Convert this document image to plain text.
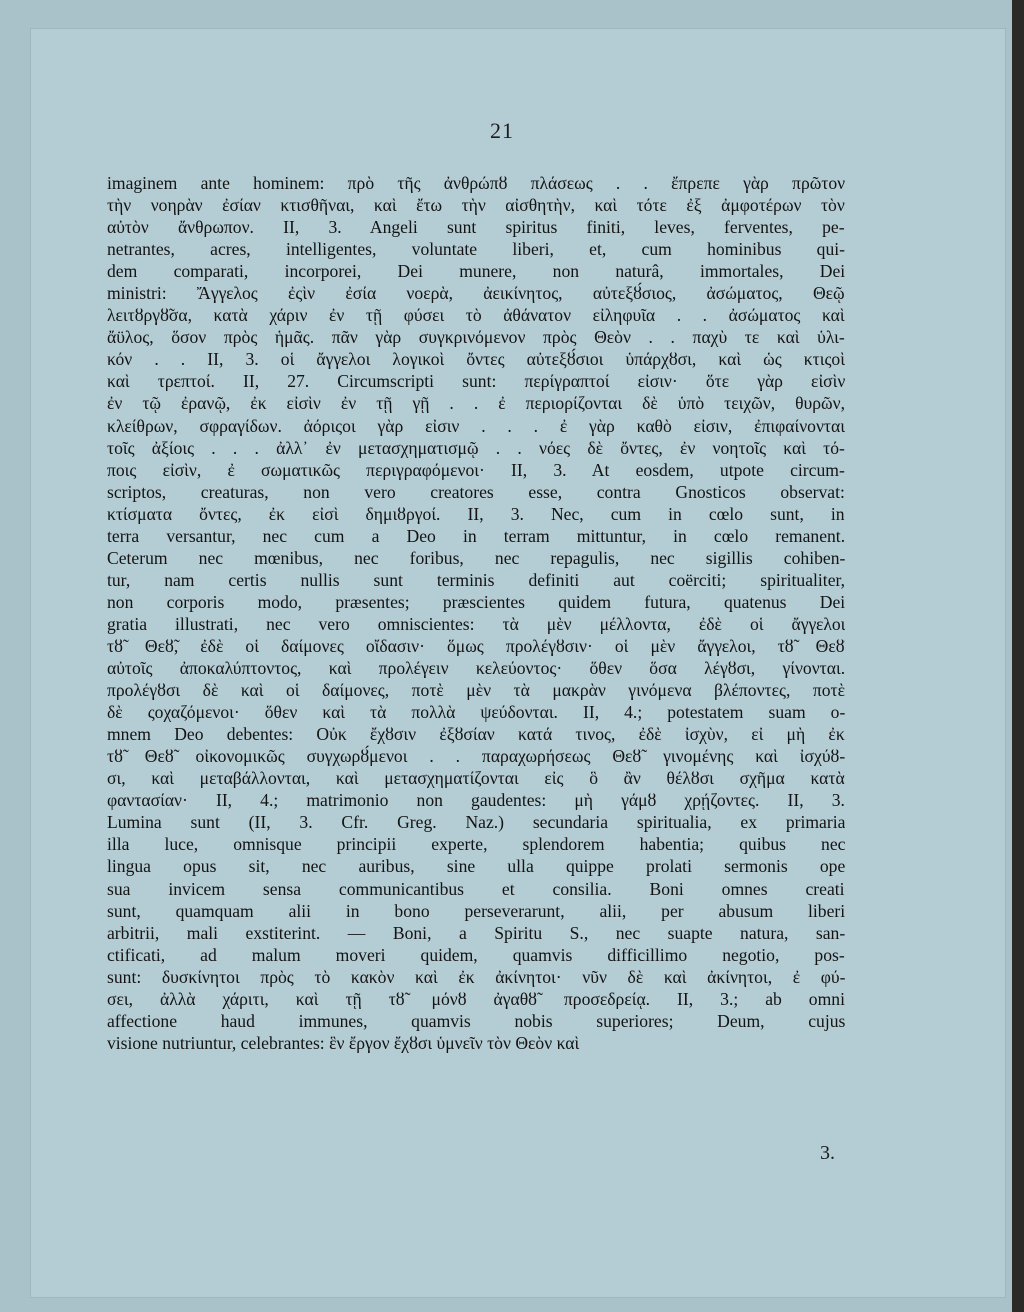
21
imaginem ante hominem: πρὸ τῆς ἀνθρώπȣ πλάσεως . . ἔπρεπε γὰρ πρῶτον
τὴν νοηρὰν ἐσίαν κτισθῆναι, καὶ ἔτω τὴν αἰσθητὴν, καὶ τότε ἐξ ἀμφοτέρων τὸν
αὐτὸν ἄνθρωπον. II, 3. Angeli sunt spiritus finiti, leves, ferventes, pe-
netrantes, acres, intelligentes, voluntate liberi, et, cum hominibus qui-
dem comparati, incorporei, Dei munere, non naturâ, immortales, Dei
ministri: Ἄγγελος ἐςὶν ἐσία νοερὰ, ἀεικίνητος, αὐτεξȣ́σιος, ἀσώματος, Θεῷ
λειτȣργȣ̃σα, κατὰ χάριν ἐν τῇ φύσει τὸ ἀθάνατον εἰληφυῖα . . ἀσώματος καὶ
ἄϋλος, ὅσον πρὸς ἡμᾶς. πᾶν γὰρ συγκρινόμενον πρὸς Θεὸν . . παχὺ τε καὶ ὑλι-
κόν . . II, 3. οἱ ἄγγελοι λογικοὶ ὄντες αὐτεξȣ́σιοι ὑπάρχȣσι, καὶ ὡς κτιςοὶ
καὶ τρεπτοί. II, 27. Circumscripti sunt: περίγραπτοί εἰσιν· ὅτε γὰρ εἰσὶν
ἐν τῷ ἐρανῷ, ἐκ εἰσὶν ἐν τῇ γῇ . . ἐ περιορίζονται δὲ ὑπὸ τειχῶν, θυρῶν,
κλείθρων, σφραγίδων. ἀόριςοι γὰρ εἰσιν . . . ἐ γὰρ καθὸ εἰσιν, ἐπιφαίνονται
τοῖς ἀξίοις . . . ἀλλ᾽ ἐν μετασχηματισμῷ . . νόες δὲ ὄντες, ἐν νοητοῖς καὶ τό-
ποις εἰσὶν, ἐ σωματικῶς περιγραφόμενοι· II, 3. At eosdem, utpote circum-
scriptos, creaturas, non vero creatores esse, contra Gnosticos observat:
κτίσματα ὄντες, ἐκ εἰσὶ δημιȣργοί. II, 3. Nec, cum in cœlo sunt, in
terra versantur, nec cum a Deo in terram mittuntur, in cœlo remanent.
Ceterum nec mœnibus, nec foribus, nec repagulis, nec sigillis cohiben-
tur, nam certis nullis sunt terminis definiti aut coërciti; spiritualiter,
non corporis modo, præsentes; præscientes quidem futura, quatenus Dei
gratia illustrati, nec vero omniscientes: τὰ μὲν μέλλοντα, ἐδὲ οἱ ἄγγελοι
τȣ̃ Θεȣ̃, ἐδὲ οἱ δαίμονες οἴδασιν· ὅμως προλέγȣσιν· οἱ μὲν ἄγγελοι, τȣ̃ Θεȣ̃
αὐτοῖς ἀποκαλύπτοντος, καὶ προλέγειν κελεύοντος· ὅθεν ὅσα λέγȣσι, γίνονται.
προλέγȣσι δὲ καὶ οἱ δαίμονες, ποτὲ μὲν τὰ μακρὰν γινόμενα βλέποντες, ποτὲ
δὲ ςοχαζόμενοι· ὅθεν καὶ τὰ πολλὰ ψεύδονται. II, 4.; potestatem suam o-
mnem Deo debentes: Οὐκ ἔχȣσιν ἐξȣσίαν κατά τινος, ἐδὲ ἰσχὺν, εἰ μὴ ἐκ
τȣ̃ Θεȣ̃ οἰκονομικῶς συγχωρȣ́μενοι . . παραχωρήσεως Θεȣ̃ γινομένης καὶ ἰσχύȣ-
σι, καὶ μεταβάλλονται, καὶ μετασχηματίζονται εἰς ὃ ἂν θέλȣσι σχῆμα κατὰ
φαντασίαν· II, 4.; matrimonio non gaudentes: μὴ γάμȣ χρῄζοντες. II, 3.
Lumina sunt (II, 3. Cfr. Greg. Naz.) secundaria spiritualia, ex primaria
illa luce, omnisque principii experte, splendorem habentia; quibus nec
lingua opus sit, nec auribus, sine ulla quippe prolati sermonis ope
sua invicem sensa communicantibus et consilia. Boni omnes creati
sunt, quamquam alii in bono perseverarunt, alii, per abusum liberi
arbitrii, mali exstiterint. — Boni, a Spiritu S., nec suapte natura, san-
ctificati, ad malum moveri quidem, quamvis difficillimo negotio, pos-
sunt: δυσκίνητοι πρὸς τὸ κακὸν καὶ ἐκ ἀκίνητοι· νῦν δὲ καὶ ἀκίνητοι, ἐ φύ-
σει, ἀλλὰ χάριτι, καὶ τῇ τȣ̃ μόνȣ ἀγαθȣ̃ προσεδρείᾳ. II, 3.; ab omni
affectione haud immunes, quamvis nobis superiores; Deum, cujus
visione nutriuntur, celebrantes: ἓν ἔργον ἔχȣσι ὑμνεῖν τὸν Θεὸν καὶ
3.
